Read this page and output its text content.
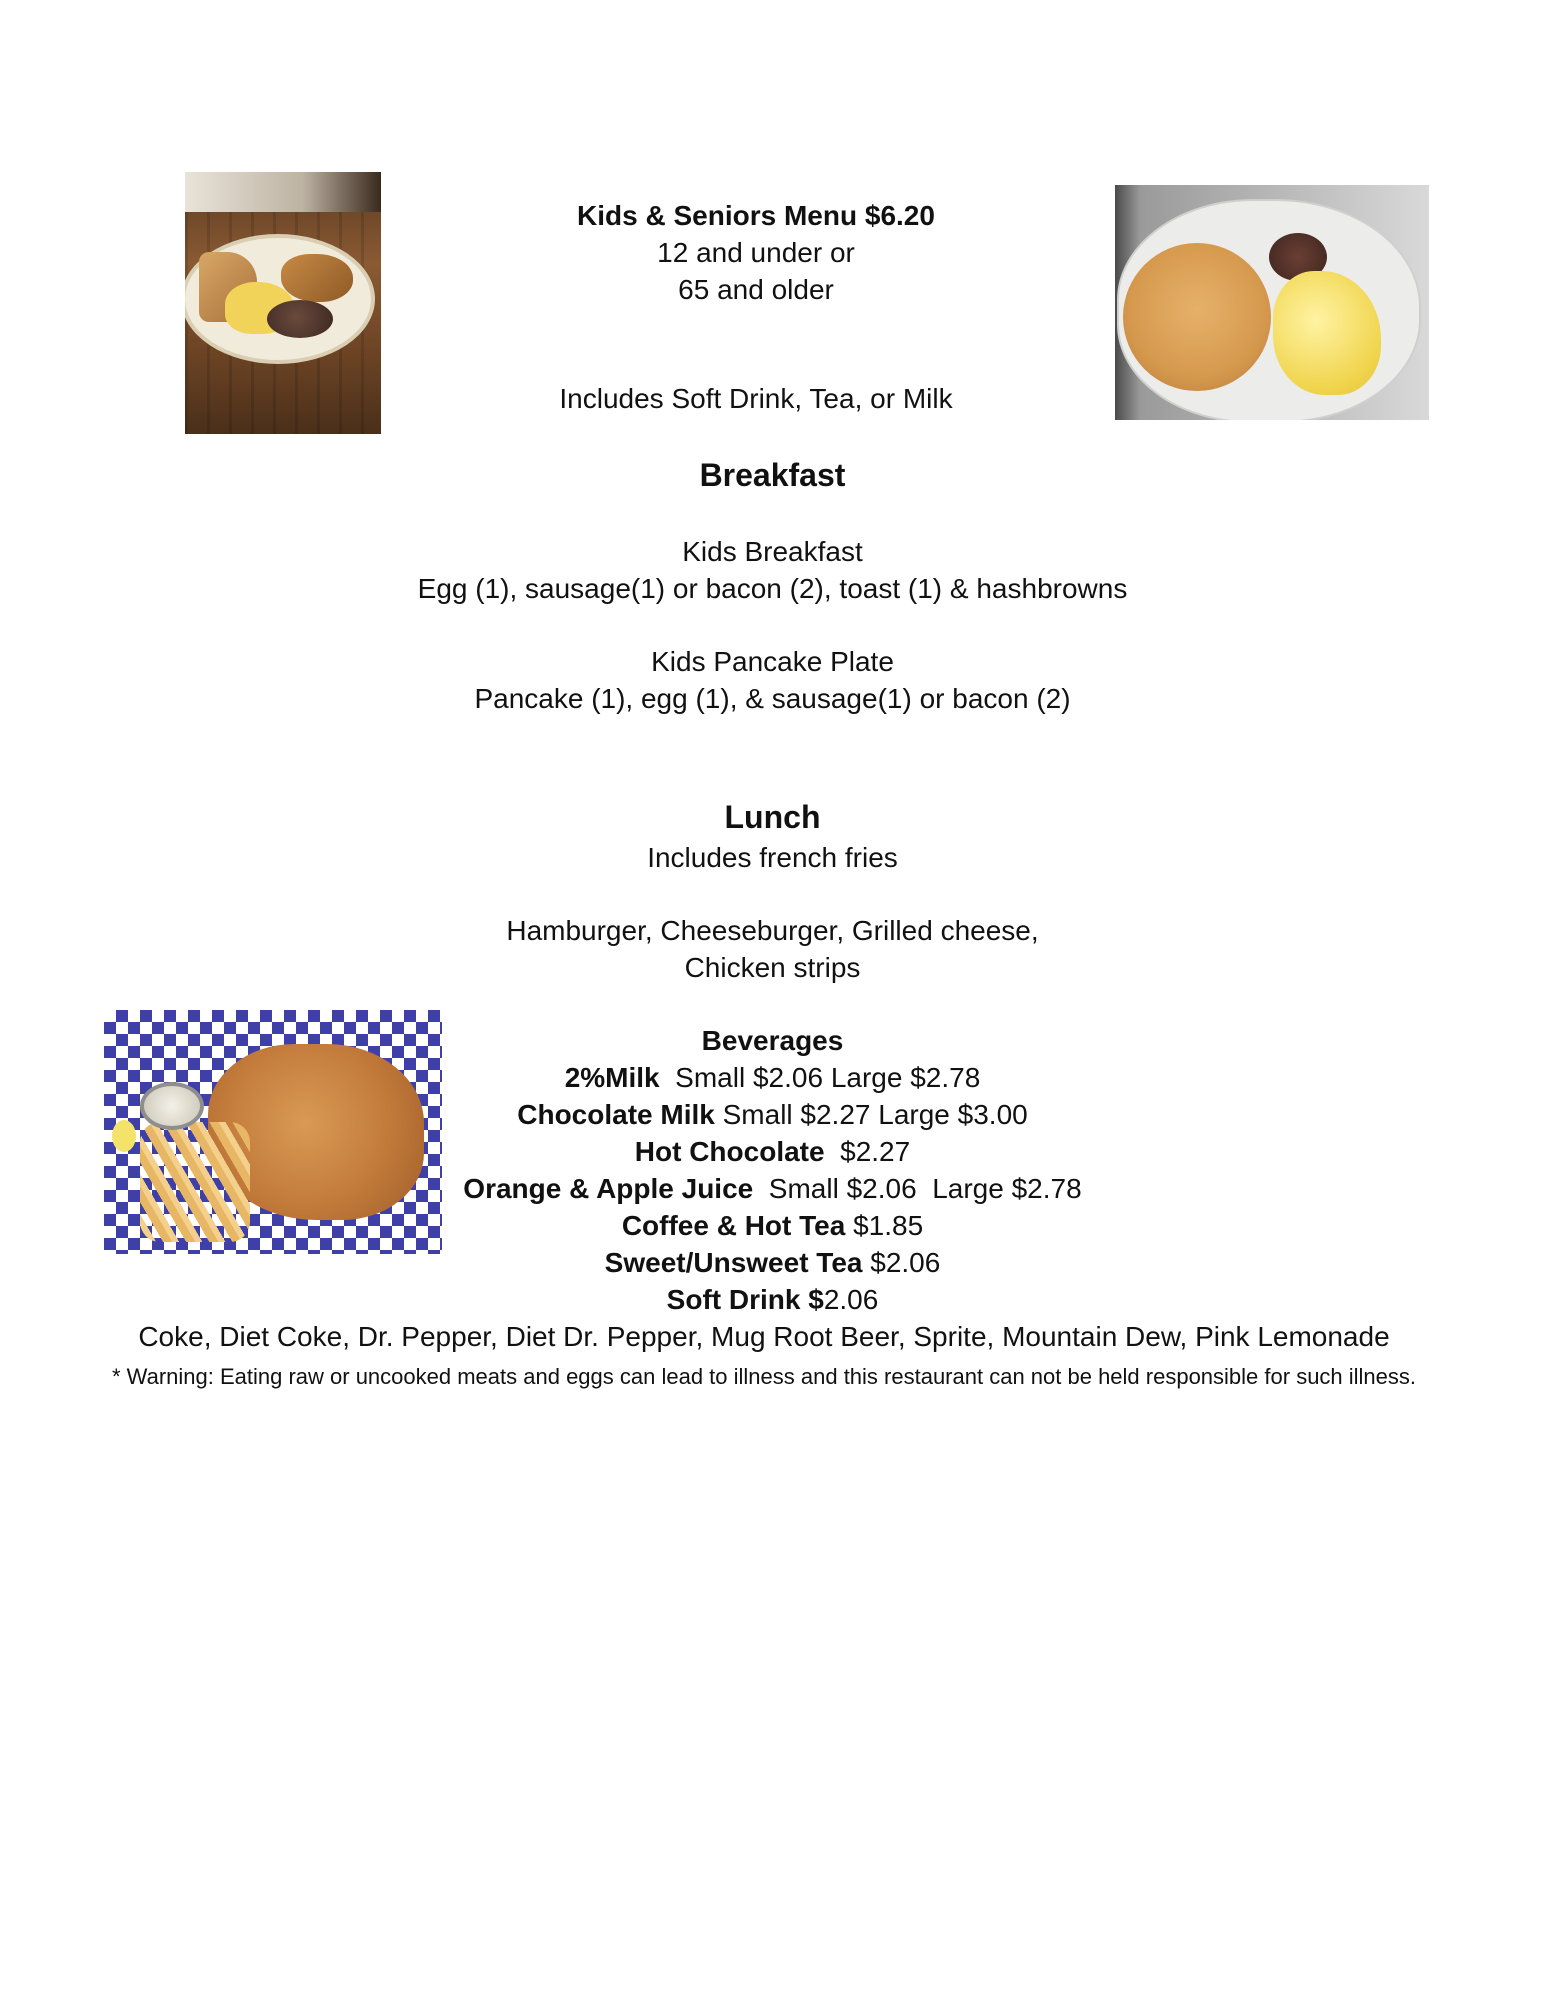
Kids & Seniors Menu $6.20
12 and under or
65 and older
Includes Soft Drink, Tea, or Milk
Breakfast
Kids Breakfast
Egg (1), sausage(1) or bacon (2), toast (1) & hashbrowns
Kids Pancake Plate
Pancake (1), egg (1), & sausage(1) or bacon (2)
Lunch
Includes french fries
Hamburger, Cheeseburger, Grilled cheese,
Chicken strips
Beverages
2%Milk  Small $2.06 Large $2.78
Chocolate Milk Small $2.27 Large $3.00
Hot Chocolate  $2.27
Orange & Apple Juice  Small $2.06  Large $2.78
Coffee & Hot Tea $1.85
Sweet/Unsweet Tea $2.06
Soft Drink $2.06
Coke, Diet Coke, Dr. Pepper, Diet Dr. Pepper, Mug Root Beer, Sprite, Mountain Dew, Pink Lemonade
* Warning: Eating raw or uncooked meats and eggs can lead to illness and this restaurant can not be held responsible for such illness.
